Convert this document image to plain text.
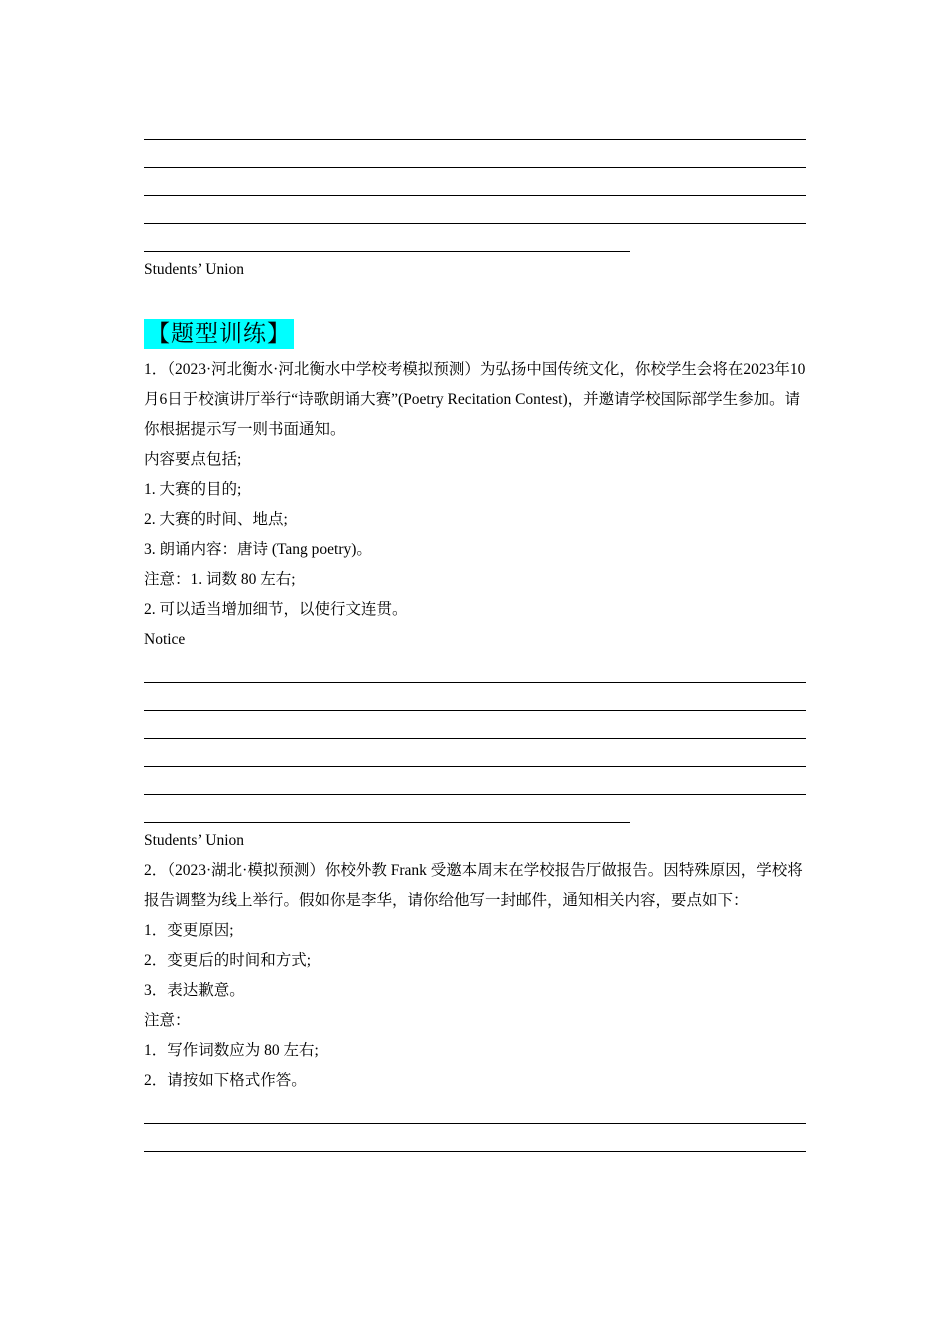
Students’ Union
【题型训练】
1．（2023·河北衡水·河北衡水中学校考模拟预测）为弘扬中国传统文化，你校学生会将在2023年10月6日于校演讲厅举行“诗歌朗诵大赛”(Poetry Recitation Contest)，并邀请学校国际部学生参加。请你根据提示写一则书面通知。
内容要点包括;
1. 大赛的目的;
2. 大赛的时间、地点;
3. 朗诵内容：唐诗 (Tang poetry)。
注意：1. 词数 80 左右;
2. 可以适当增加细节，以使行文连贯。
Notice
Students’ Union
2．（2023·湖北·模拟预测）你校外教 Frank 受邀本周末在学校报告厅做报告。因特殊原因，学校将报告调整为线上举行。假如你是李华，请你给他写一封邮件，通知相关内容，要点如下：
1．变更原因;
2．变更后的时间和方式;
3．表达歉意。
注意：
1．写作词数应为 80 左右;
2．请按如下格式作答。
